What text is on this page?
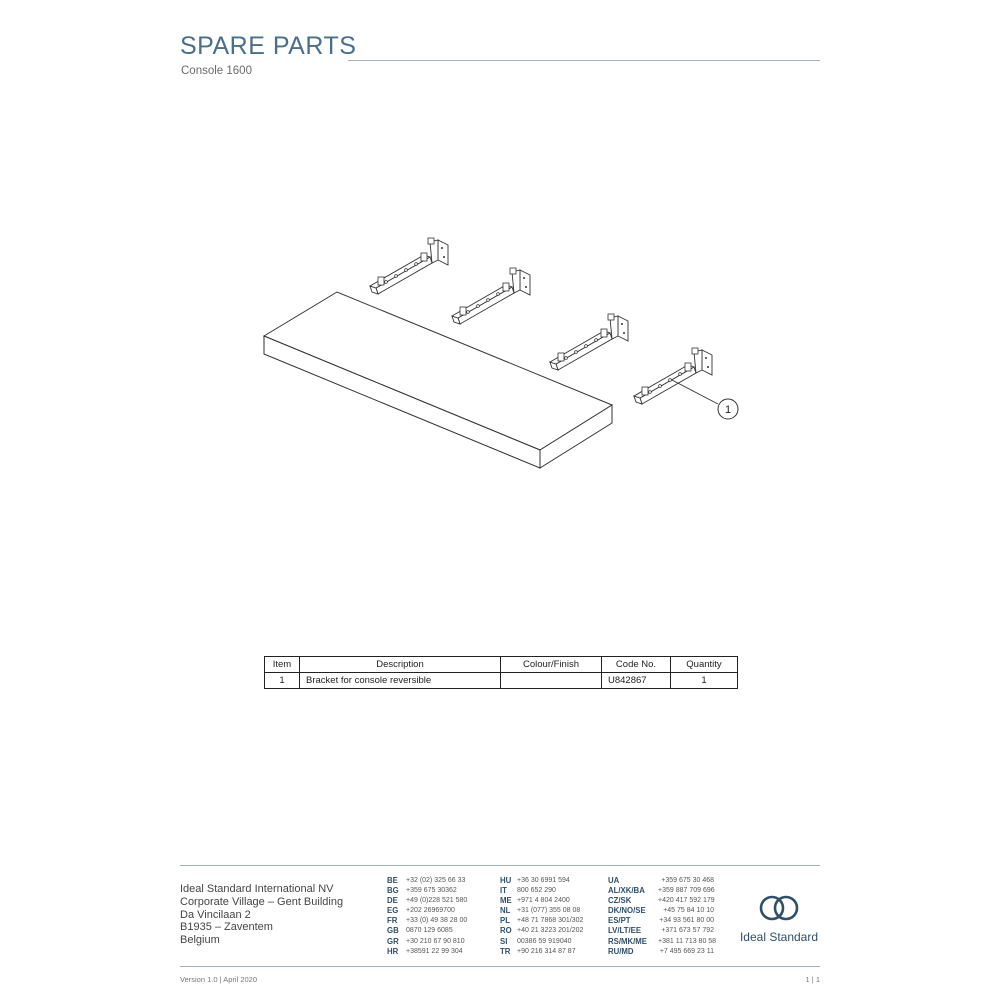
SPARE PARTS
Console 1600
1
Item	Description	Colour/Finish	Code No.	Quantity
1	Bracket for console reversible		U842867	1
Ideal Standard International NV
Corporate Village – Gent Building
Da Vincilaan 2
B1935 – Zaventem
Belgium
BE	+32 (02) 325 66 33
BG	+359 675 30362
DE	+49 (0)228 521 580
EG	+202 26969700
FR	+33 (0) 49 38 28 00
GB	0870 129 6085
GR	+30 210 67 90 810
HR	+38591 22 99 304
HU +36 30 6991 594
IT	800 652 290
ME +971 4 804 2400
NL +31 (077) 355 08 08
PL	+48 71 7868 301/302
RO +40 21 3223 201/202
SI	00386 59 919040
TR +90 216 314 87 87
UA	+359 675 30 468
AL/XK/BA	+359 887 709 696
CZ/SK	+420 417 592 179
DK/NO/SE	+45 75 84 10 10
ES/PT	+34 93 561 80 00
LV/LT/EE	+371 673 57 792
RS/MK/ME	+381 11 713 80 58
RU/MD	+7 495 669 23 11
Ideal Standard
Version 1.0 | April 2020	1 | 1
